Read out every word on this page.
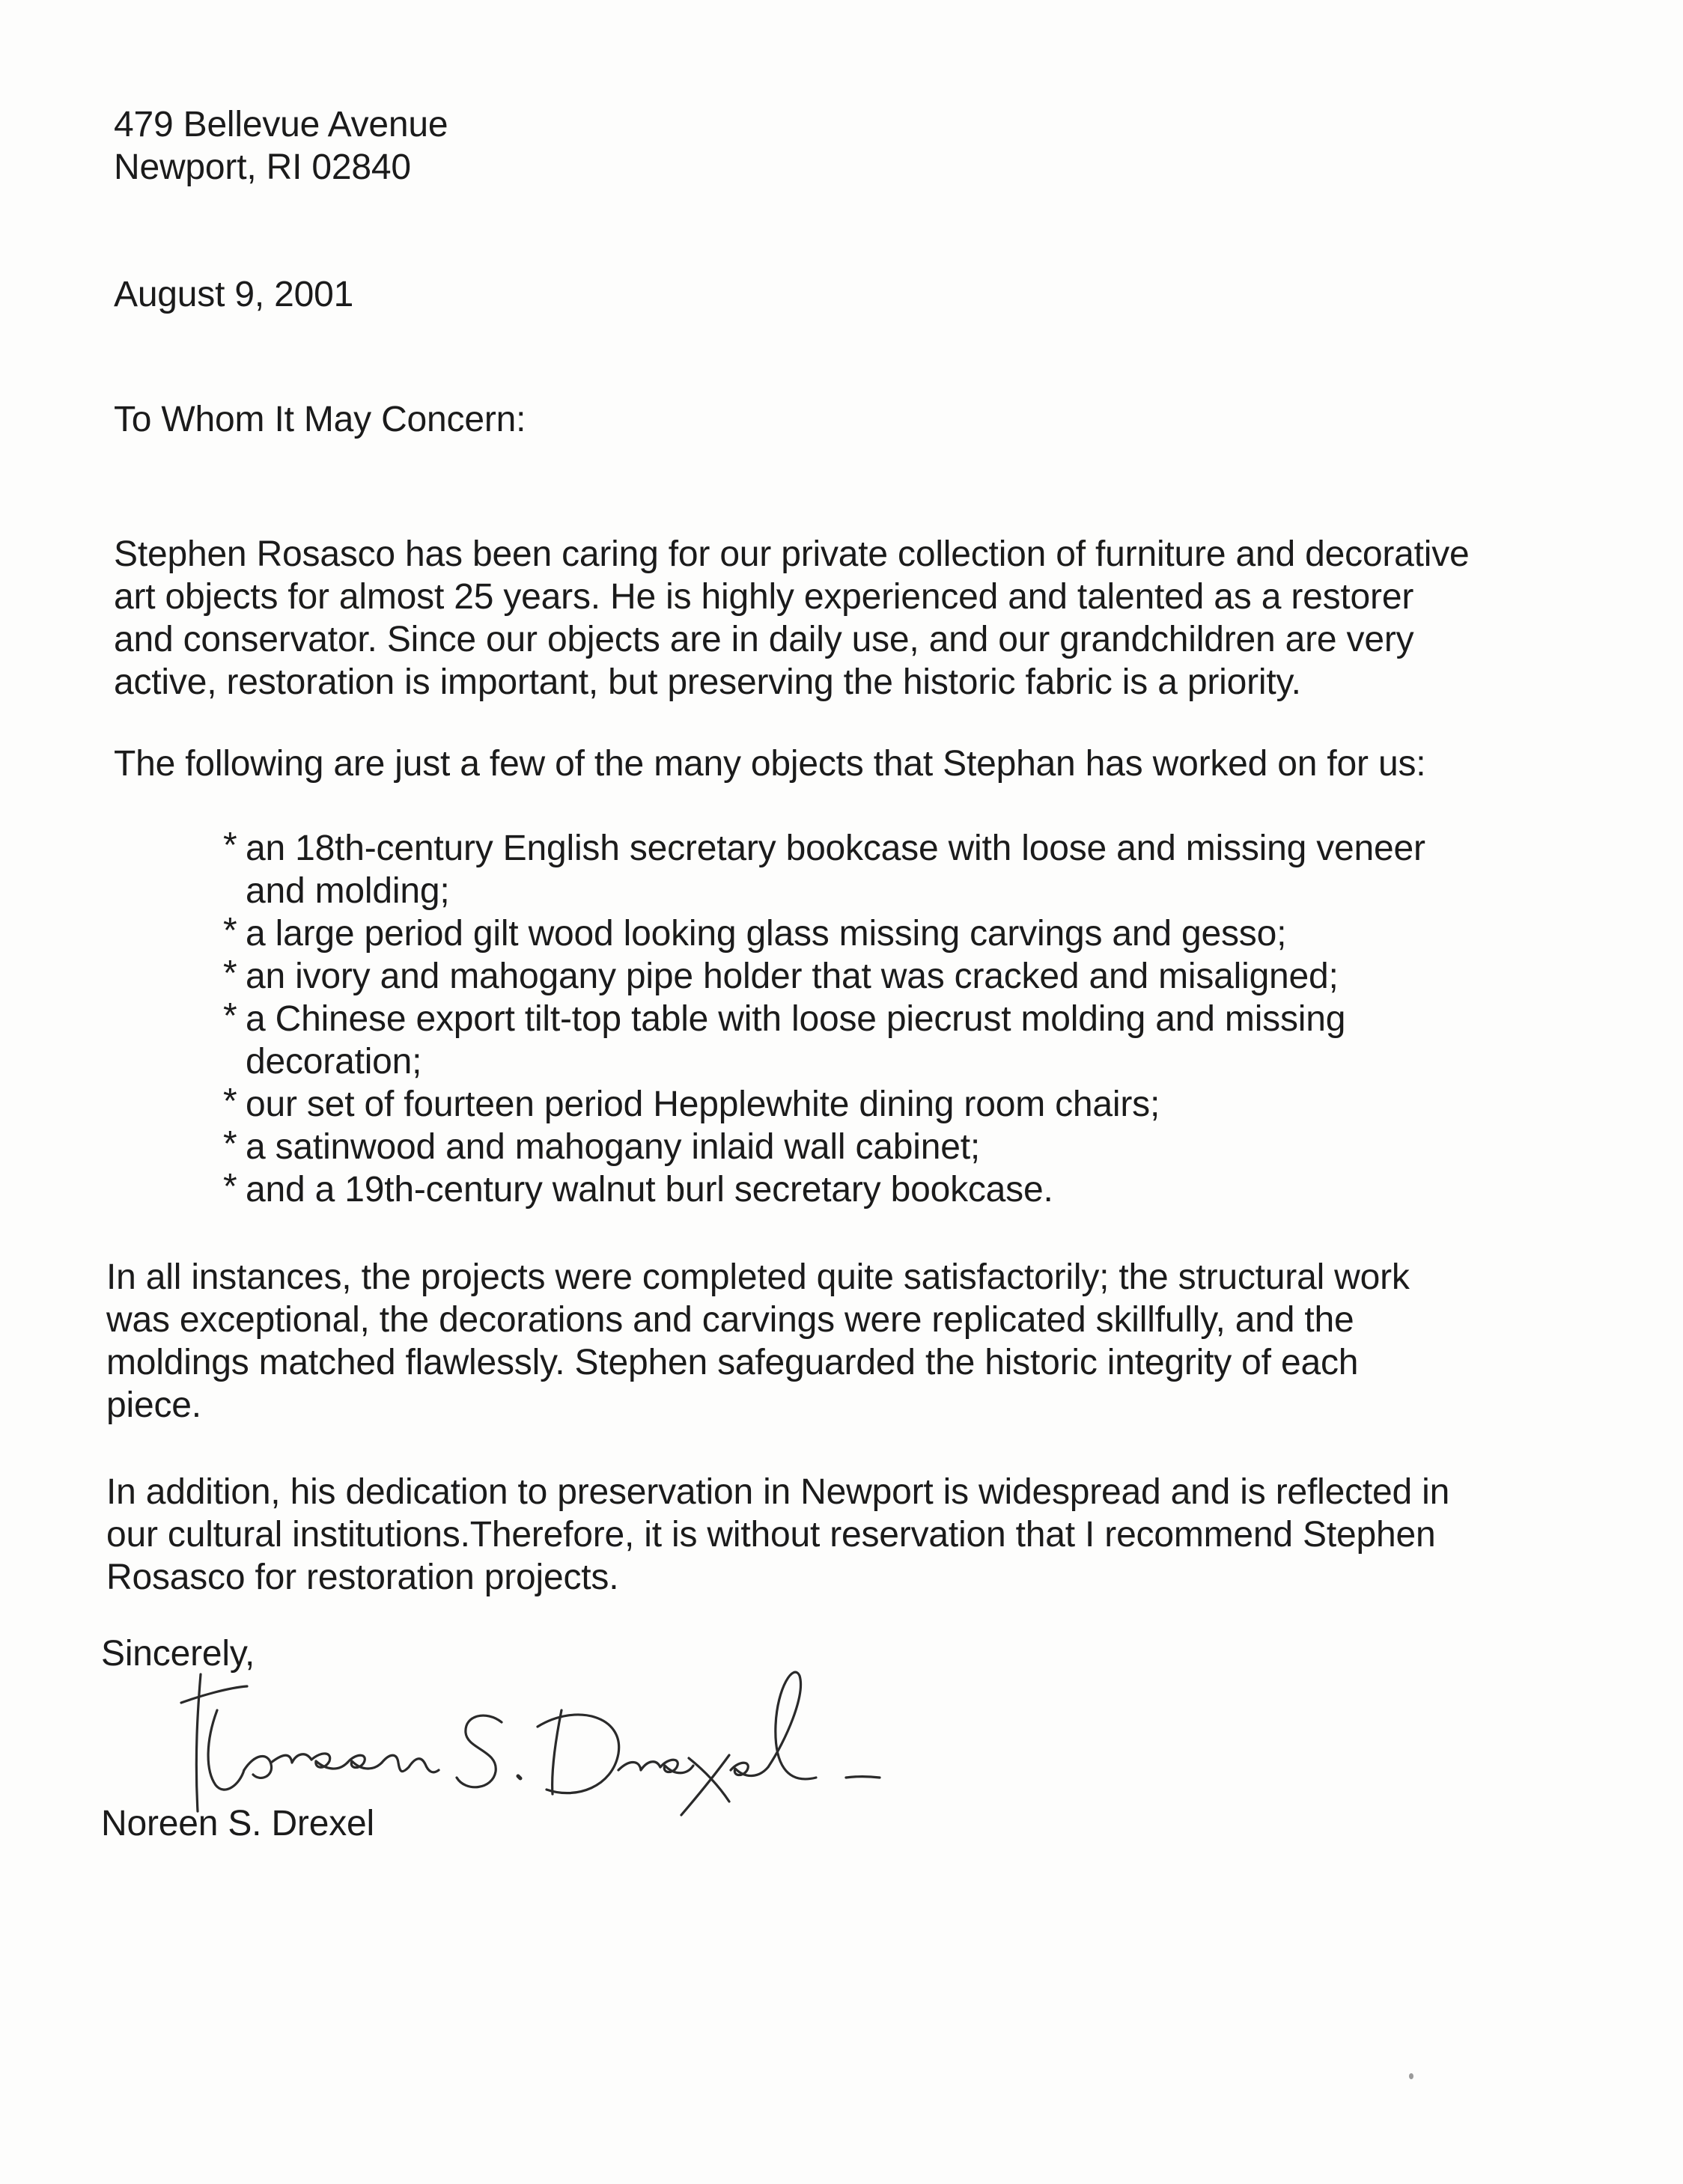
479 Bellevue Avenue
Newport, RI 02840
August 9, 2001
To Whom It May Concern:
Stephen Rosasco has been caring for our private collection of furniture and decorative
art objects for almost 25 years. He is highly experienced and talented as a restorer
and conservator. Since our objects are in daily use, and our grandchildren are very
active, restoration is important, but preserving the historic fabric is a priority.
The following are just a few of the many objects that Stephan has worked on for us:
* an 18th-century English secretary bookcase with loose and missing veneer
and molding;
* a large period gilt wood looking glass missing carvings and gesso;
* an ivory and mahogany pipe holder that was cracked and misaligned;
* a Chinese export tilt-top table with loose piecrust molding and missing
decoration;
* our set of fourteen period Hepplewhite dining room chairs;
* a satinwood and mahogany inlaid wall cabinet;
* and a 19th-century walnut burl secretary bookcase.
In all instances, the projects were completed quite satisfactorily; the structural work
was exceptional, the decorations and carvings were replicated skillfully, and the
moldings matched flawlessly. Stephen safeguarded the historic integrity of each
piece.
In addition, his dedication to preservation in Newport is widespread and is reflected in
our cultural institutions.Therefore, it is without reservation that I recommend Stephen
Rosasco for restoration projects.
Sincerely,
Noreen S. Drexel
